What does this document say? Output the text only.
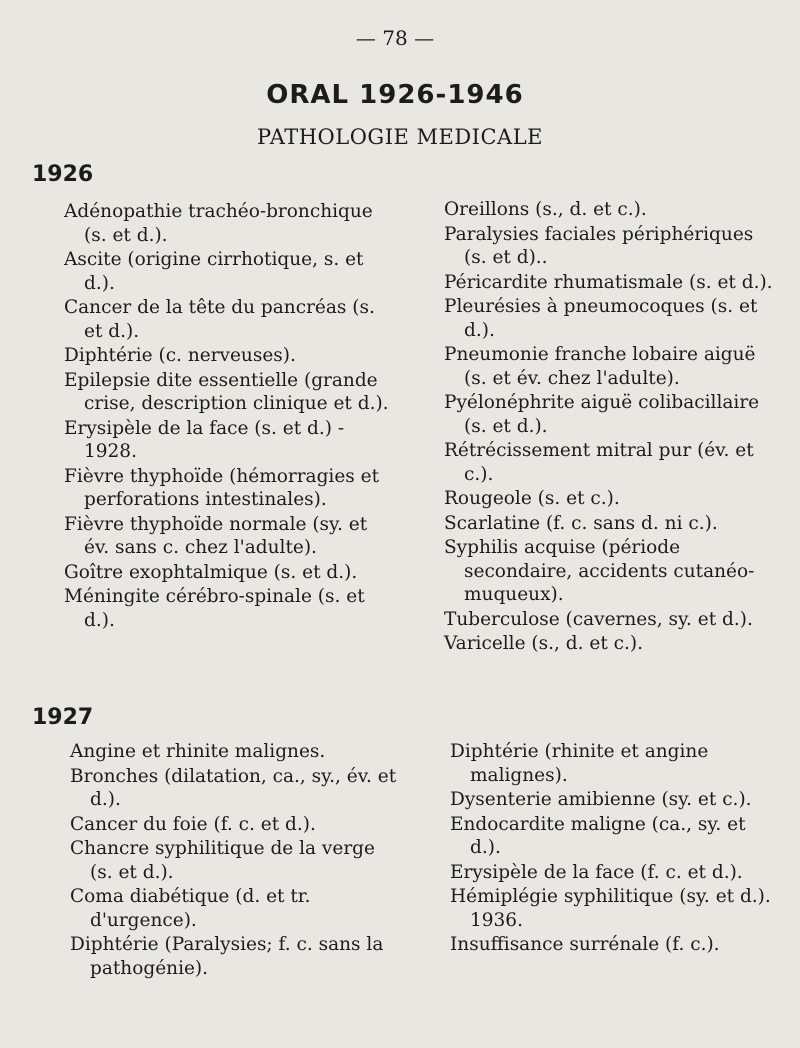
— 78 —
ORAL 1926-1946
PATHOLOGIE MEDICALE
1926
Adénopathie trachéo-bronchique (s. et d.).
Ascite (origine cirrhotique, s. et d.).
Cancer de la tête du pancréas (s. et d.).
Diphtérie (c. nerveuses).
Epilepsie dite essentielle (grande crise, description clinique et d.).
Erysipèle de la face (s. et d.) - 1928.
Fièvre thyphoïde (hémorragies et perforations intestinales).
Fièvre thyphoïde normale (sy. et év. sans c. chez l'adulte).
Goître exophtalmique (s. et d.).
Méningite cérébro-spinale (s. et d.).
Oreillons (s., d. et c.).
Paralysies faciales périphériques (s. et d)..
Péricardite rhumatismale (s. et d.).
Pleurésies à pneumocoques (s. et d.).
Pneumonie franche lobaire aiguë (s. et év. chez l'adulte).
Pyélonéphrite aiguë colibacillaire (s. et d.).
Rétrécissement mitral pur (év. et c.).
Rougeole (s. et c.).
Scarlatine (f. c. sans d. ni c.).
Syphilis acquise (période secondaire, accidents cutanéo-muqueux).
Tuberculose (cavernes, sy. et d.).
Varicelle (s., d. et c.).
1927
Angine et rhinite malignes.
Bronches (dilatation, ca., sy., év. et d.).
Cancer du foie (f. c. et d.).
Chancre syphilitique de la verge (s. et d.).
Coma diabétique (d. et tr. d'urgence).
Diphtérie (Paralysies; f. c. sans la pathogénie).
Diphtérie (rhinite et angine malignes).
Dysenterie amibienne (sy. et c.).
Endocardite maligne (ca., sy. et d.).
Erysipèle de la face (f. c. et d.).
Hémiplégie syphilitique (sy. et d.). 1936.
Insuffisance surrénale (f. c.).
